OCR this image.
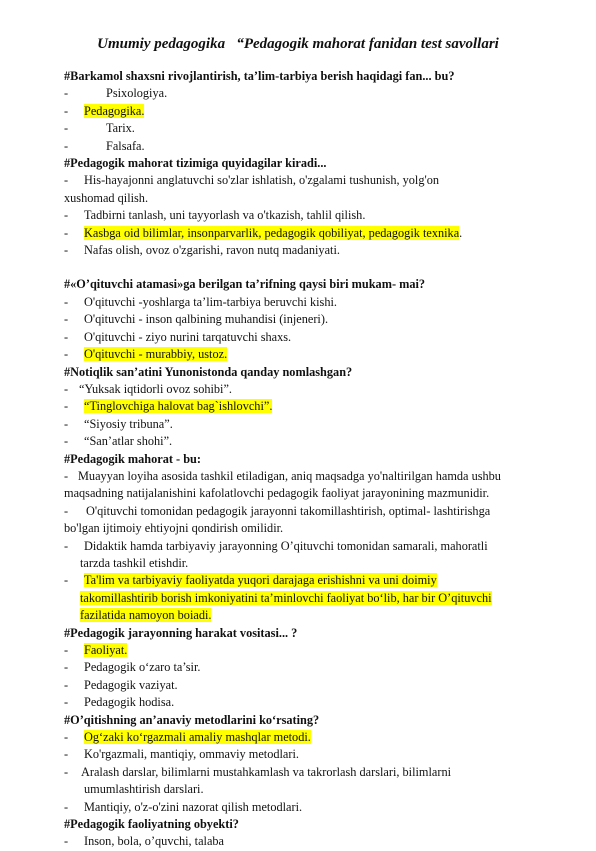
Umumiy pedagogika   “Pedagogik mahorat fanidan test savollari
#Barkamol shaxsni rivojlantirish, ta’lim-tarbiya berish haqidagi fan... bu?
-	Psixologiya.
- Pedagogika.
-	Tarix.
-	Falsafa.
#Pedagogik mahorat tizimiga quyidagilar kiradi...
- His-hayajonni anglatuvchi so'zlar ishlatish, o'zgalami tushunish, yolg'on
xushomad qilish.
- Tadbirni tanlash, uni tayyorlash va o'tkazish, tahlil qilish.
- Kasbga oid bilimlar, insonparvarlik, pedagogik qobiliyat, pedagogik texnika.
- Nafas olish, ovoz o'zgarishi, ravon nutq madaniyati.
#«O’qituvchi atamasi»ga berilgan ta’rifning qaysi biri mukam- mai?
- O'qituvchi -yoshlarga ta’lim-tarbiya beruvchi kishi.
- O'qituvchi - inson qalbining muhandisi (injeneri).
- O'qituvchi - ziyo nurini tarqatuvchi shaxs.
- O'qituvchi - murabbiy, ustoz.
#Notiqlik san’atini Yunonistonda qanday nomlashgan?
- “Yuksak iqtidorli ovoz sohibi”.
- “Tinglovchiga halovat bag`ishlovchi”.
- “Siyosiy tribuna”.
- “San’atlar shohi”.
#Pedagogik mahorat - bu:
- Muayyan loyiha asosida tashkil etiladigan, aniq maqsadga yo'naltirilgan hamda ushbu
maqsadning natijalanishini kafolatlovchi pedagogik faoliyat jarayonining mazmunidir.
- O'qituvchi tomonidan pedagogik jarayonni takomillashtirish, optimal- lashtirishga
bo'lgan ijtimoiy ehtiyojni qondirish omilidir.
- Didaktik hamda tarbiyaviy jarayonning O’qituvchi tomonidan samarali, mahoratli
tarzda tashkil etishdir.
- Ta'lim va tarbiyaviy faoliyatda yuqori darajaga erishishni va uni doimiy
takomillashtirib borish imkoniyatini ta’minlovchi faoliyat bo‘lib, har bir O’qituvchi
fazilatida namoyon boiadi.
#Pedagogik jarayonning harakat vositasi... ?
- Faoliyat.
- Pedagogik o‘zaro ta’sir.
- Pedagogik vaziyat.
- Pedagogik hodisa.
#O’qitishning an’anaviy metodlarini ko‘rsating?
- Og‘zaki ko‘rgazmali amaliy mashqlar metodi.
- Ko'rgazmali, mantiqiy, ommaviy metodlari.
- Aralash darslar, bilimlarni mustahkamlash va takrorlash darslari, bilimlarni
umumlashtirish darslari.
- Mantiqiy, o'z-o'zini nazorat qilish metodlari.
#Pedagogik faoliyatning obyekti?
- Inson, bola, o’quvchi, talaba
